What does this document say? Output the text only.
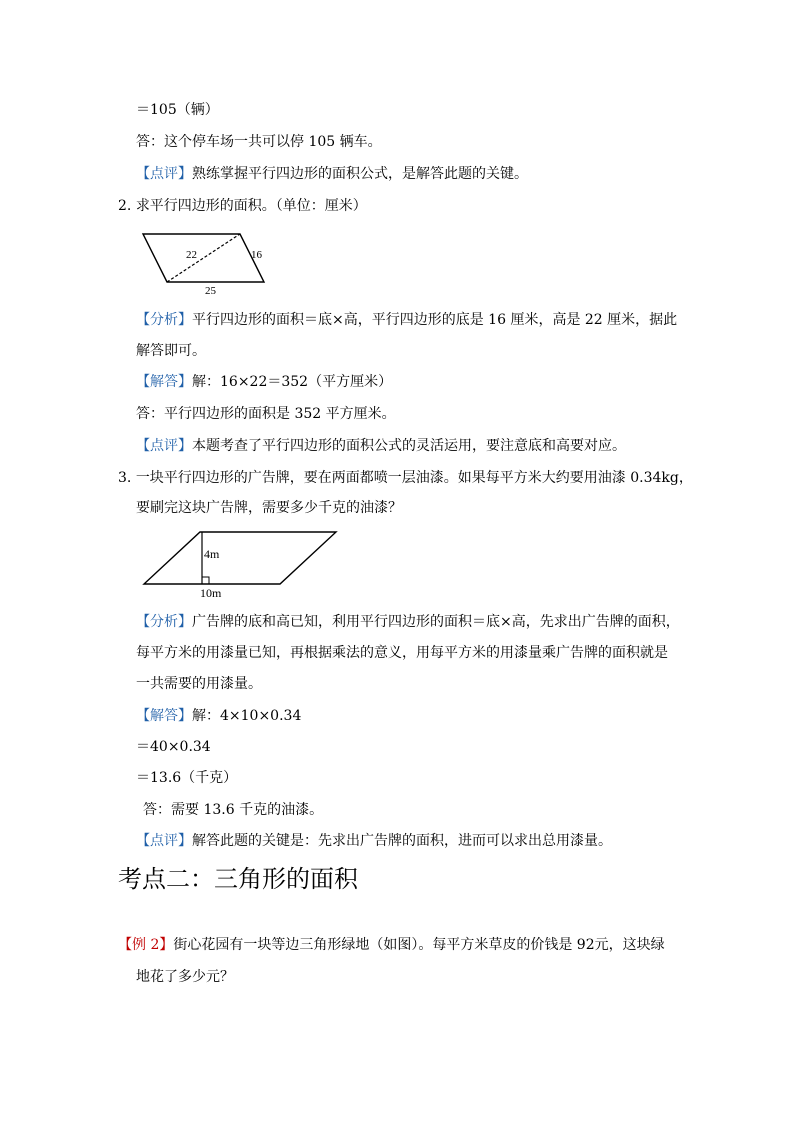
＝105（辆）
答：这个停车场一共可以停 105 辆车。
【点评】熟练掌握平行四边形的面积公式，是解答此题的关键。
2. 求平行四边形的面积。（单位：厘米）
22	16
25
【分析】平行四边形的面积＝底×高，平行四边形的底是 16 厘米，高是 22 厘米，据此
解答即可。
【解答】解：16×22＝352（平方厘米）
答：平行四边形的面积是 352 平方厘米。
【点评】本题考查了平行四边形的面积公式的灵活运用，要注意底和高要对应。
3. 一块平行四边形的广告牌，要在两面都喷一层油漆。如果每平方米大约要用油漆 0.34kg，
要刷完这块广告牌，需要多少千克的油漆？
4m
10m
【分析】广告牌的底和高已知，利用平行四边形的面积＝底×高，先求出广告牌的面积，
每平方米的用漆量已知，再根据乘法的意义，用每平方米的用漆量乘广告牌的面积就是
一共需要的用漆量。
【解答】解：4×10×0.34
＝40×0.34
＝13.6（千克）
答：需要 13.6 千克的油漆。
【点评】解答此题的关键是：先求出广告牌的面积，进而可以求出总用漆量。
考点二：三角形的面积
【例 2】街心花园有一块等边三角形绿地（如图）。每平方米草皮的价钱是 92元，这块绿
地花了多少元？
